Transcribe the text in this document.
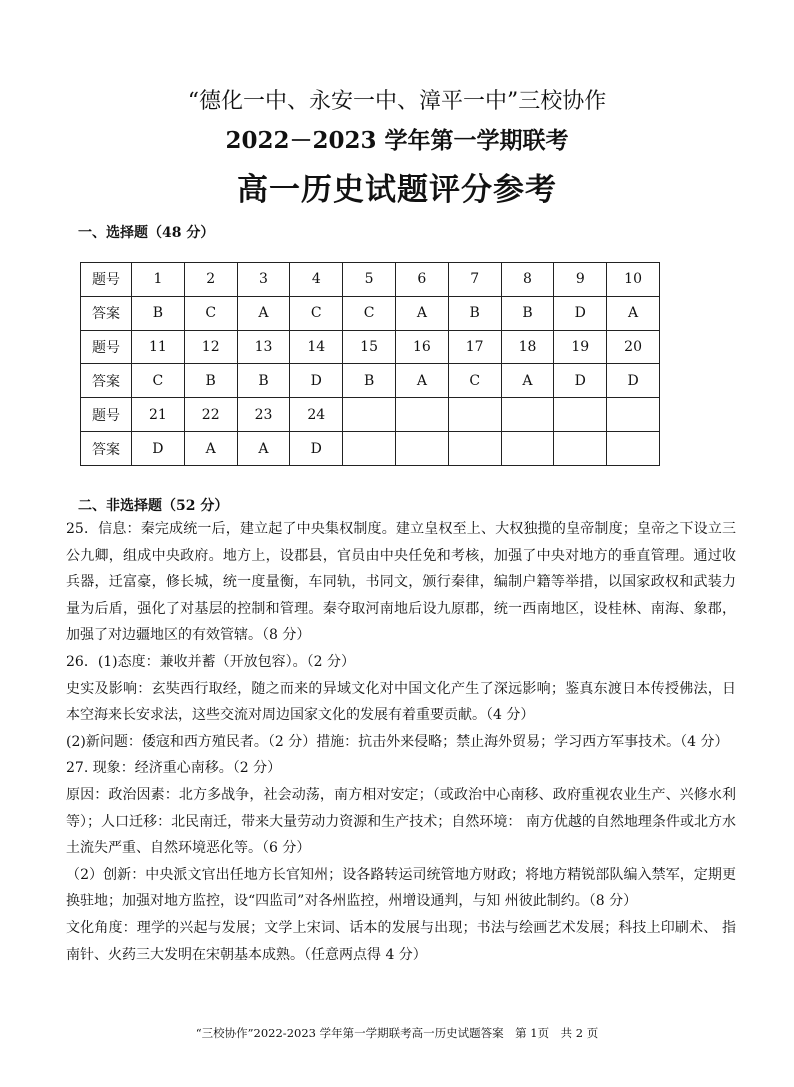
“德化一中、永安一中、漳平一中”三校协作
2022－2023 学年第一学期联考
高一历史试题评分参考
一、选择题（48 分）
题号	1	2	3	4	5	6	7	8	9	10
答案	B	C	A	C	C	A	B	B	D	A
题号	11	12	13	14	15	16	17	18	19	20
答案	C	B	B	D	B	A	C	A	D	D
题号	21	22	23	24						
答案	D	A	A	D						
二、非选择题（52 分）

25．信息：秦完成统一后，建立起了中央集权制度。建立皇权至上、大权独揽的皇帝制度；皇帝之下设立三公九卿，组成中央政府。地方上，设郡县，官员由中央任免和考核，加强了中央对地方的垂直管理。通过收兵器，迁富豪，修长城，统一度量衡，车同轨，书同文，颁行秦律，编制户籍等举措，以国家政权和武装力量为后盾，强化了对基层的控制和管理。秦夺取河南地后设九原郡，统一西南地区，设桂林、南海、象郡，加强了对边疆地区的有效管辖。（8 分）

26．(1)态度：兼收并蓄（开放包容）。（2 分）

史实及影响：玄奘西行取经，随之而来的异域文化对中国文化产生了深远影响；鉴真东渡日本传授佛法，日本空海来长安求法，这些交流对周边国家文化的发展有着重要贡献。（4 分）

(2)新问题：倭寇和西方殖民者。（2 分）措施：抗击外来侵略；禁止海外贸易；学习西方军事技术。（4 分）

27. 现象：经济重心南移。（2 分）

原因：政治因素：北方多战争，社会动荡，南方相对安定；（或政治中心南移、政府重视农业生产、兴修水利等）；人口迁移：北民南迁，带来大量劳动力资源和生产技术；自然环境： 南方优越的自然地理条件或北方水土流失严重、自然环境恶化等。（6 分）

（2）创新：中央派文官出任地方长官知州；设各路转运司统管地方财政；将地方精锐部队编入禁军，定期更换驻地；加强对地方监控，设“四监司”对各州监控，州增设通判，与知 州彼此制约。（8 分）

文化角度：理学的兴起与发展；文学上宋词、话本的发展与出现；书法与绘画艺术发展；科技上印刷术、 指南针、火药三大发明在宋朝基本成熟。（任意两点得 4 分）

“三校协作”2022-2023 学年第一学期联考高一历史试题答案　第 1页　共 2 页
